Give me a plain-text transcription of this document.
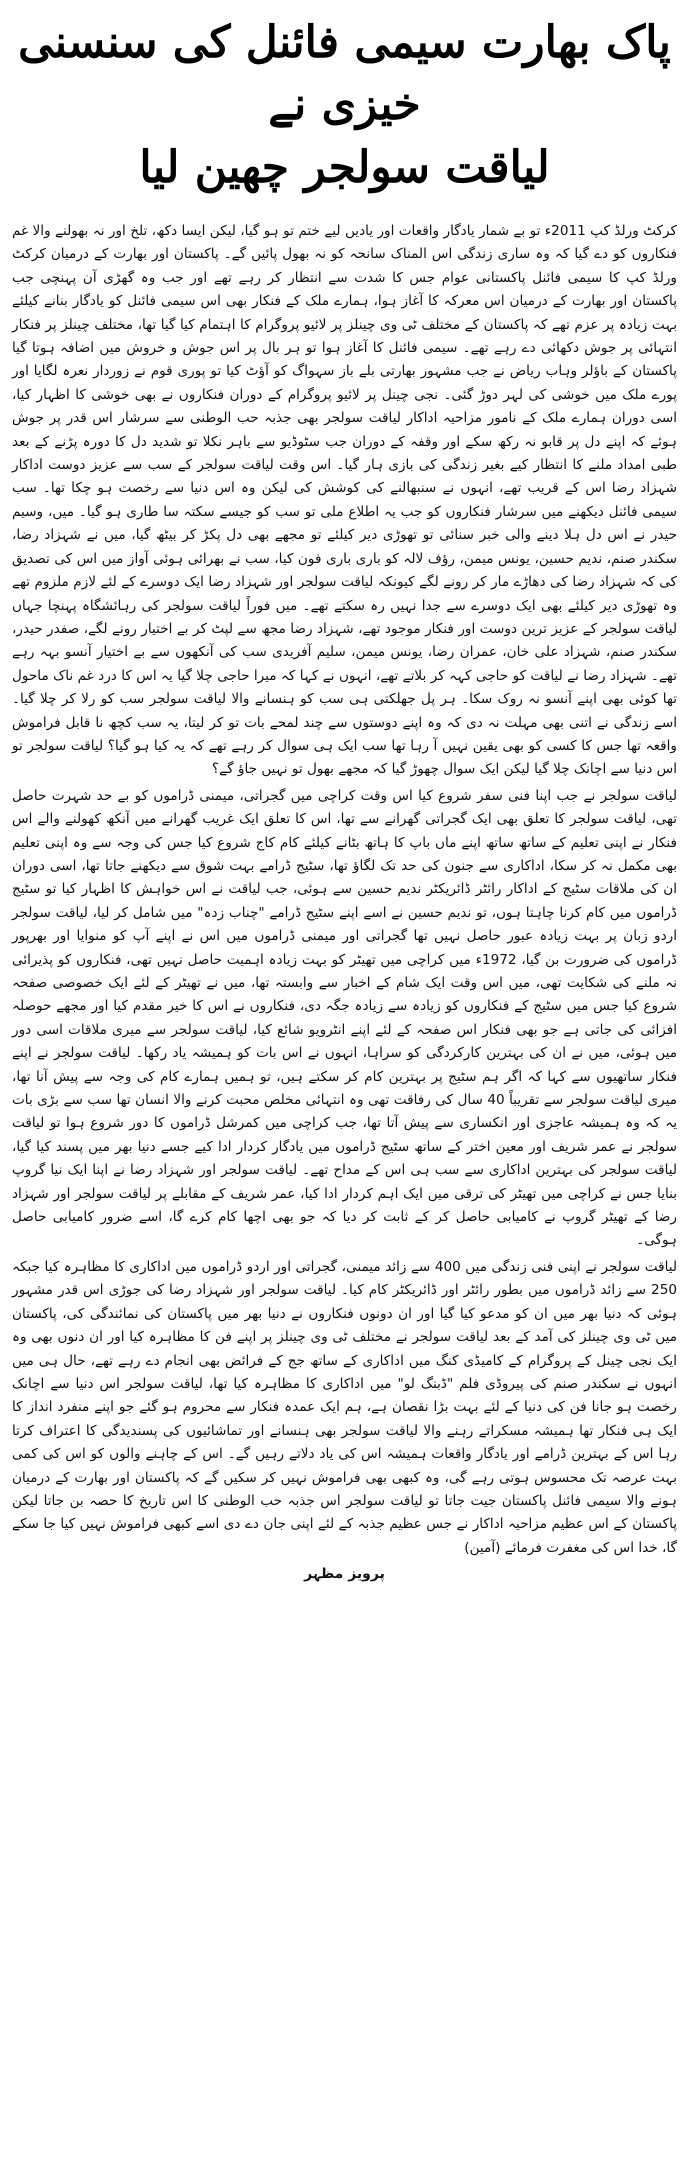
پاک بھارت سیمی فائنل کی سنسنی خیزی نے
لیاقت سولجر چھین لیا

کرکٹ ورلڈ کپ 2011ء تو بے شمار یادگار واقعات اور یادیں لیے ختم تو ہو گیا، لیکن ایسا دکھ، تلخ اور نہ بھولنے والا غم فنکاروں کو دے گیا کہ وہ ساری زندگی اس المناک سانحہ کو نہ بھول پائیں گے۔ پاکستان اور بھارت کے درمیان کرکٹ ورلڈ کپ کا سیمی فائنل پاکستانی عوام جس کا شدت سے انتظار کر رہے تھے اور جب وہ گھڑی آن پہنچی جب پاکستان اور بھارت کے درمیان اس معرکہ کا آغاز ہوا، ہمارے ملک کے فنکار بھی اس سیمی فائنل کو یادگار بنانے کیلئے بہت زیادہ پر عزم تھے کہ پاکستان کے مختلف ٹی وی چینلز پر لائیو پروگرام کا اہتمام کیا گیا تھا، مختلف چینلز پر فنکار انتہائی پر جوش دکھائی دے رہے تھے۔ سیمی فائنل کا آغاز ہوا تو ہر بال پر اس جوش و خروش میں اضافہ ہوتا گیا پاکستان کے باؤلر وہاب ریاض نے جب مشہور بھارتی بلے باز سہواگ کو آؤٹ کیا تو پوری قوم نے زوردار نعرہ لگایا اور پورے ملک میں خوشی کی لہر دوڑ گئی۔ نجی چینل پر لائیو پروگرام کے دوران فنکاروں نے بھی خوشی کا اظہار کیا، اسی دوران ہمارے ملک کے نامور مزاحیہ اداکار لیاقت سولجر بھی جذبہ حب الوطنی سے سرشار اس قدر پر جوش ہوئے کہ اپنے دل پر قابو نہ رکھ سکے اور وقفہ کے دوران جب سٹوڈیو سے باہر نکلا تو شدید دل کا دورہ پڑنے کے بعد طبی امداد ملنے کا انتظار کیے بغیر زندگی کی بازی ہار گیا۔ اس وقت لیاقت سولجر کے سب سے عزیز دوست اداکار شہزاد رضا اس کے قریب تھے، انہوں نے سنبھالنے کی کوشش کی لیکن وہ اس دنیا سے رخصت ہو چکا تھا۔ سب سیمی فائنل دیکھنے میں سرشار فنکاروں کو جب یہ اطلاع ملی تو سب کو جیسے سکتہ سا طاری ہو گیا۔ میں، وسیم حیدر نے اس دل ہلا دینے والی خبر سنائی تو تھوڑی دیر کیلئے تو مجھے بھی دل پکڑ کر بیٹھ گیا، میں نے شہزاد رضا، سکندر صنم، ندیم حسین، یونس میمن، رؤف لالہ کو باری باری فون کیا، سب نے بھرائی ہوئی آواز میں اس کی تصدیق کی کہ شہزاد رضا کی دھاڑے مار کر رونے لگے کیونکہ لیاقت سولجر اور شہزاد رضا ایک دوسرے کے لئے لازم ملزوم تھے وہ تھوڑی دیر کیلئے بھی ایک دوسرے سے جدا نہیں رہ سکتے تھے۔ میں فوراً لیاقت سولجر کی رہائشگاہ پہنچا جہاں لیاقت سولجر کے عزیز ترین دوست اور فنکار موجود تھے، شہزاد رضا مجھ سے لپٹ کر بے اختیار رونے لگے، صفدر حیدر، سکندر صنم، شہزاد علی خان، عمران رضا، یونس میمن، سلیم آفریدی سب کی آنکھوں سے بے اختیار آنسو بہہ رہے تھے۔ شہزاد رضا نے لیاقت کو حاجی کہہ کر بلاتے تھے، انہوں نے کہا کہ میرا حاجی چلا گیا یہ اس کا درد غم ناک ماحول تھا کوئی بھی اپنے آنسو نہ روک سکا۔ ہر پل جھلکتی ہی سب کو ہنسانے والا لیاقت سولجر سب کو رلا کر چلا گیا۔ اسے زندگی نے اتنی بھی مہلت نہ دی کہ وہ اپنے دوستوں سے چند لمحے بات تو کر لیتا، یہ سب کچھ نا قابل فراموش واقعہ تھا جس کا کسی کو بھی یقین نہیں آ رہا تھا سب ایک ہی سوال کر رہے تھے کہ یہ کیا ہو گیا؟ لیاقت سولجر تو اس دنیا سے اچانک چلا گیا لیکن ایک سوال چھوڑ گیا کہ مجھے بھول تو نہیں جاؤ گے؟

لیاقت سولجر نے جب اپنا فنی سفر شروع کیا اس وقت کراچی میں گجراتی، میمنی ڈراموں کو بے حد شہرت حاصل تھی، لیاقت سولجر کا تعلق بھی ایک گجراتی گھرانے سے تھا، اس کا تعلق ایک غریب گھرانے میں آنکھ کھولنے والے اس فنکار نے اپنی تعلیم کے ساتھ ساتھ اپنے ماں باپ کا ہاتھ بٹانے کیلئے کام کاج شروع کیا جس کی وجہ سے وہ اپنی تعلیم بھی مکمل نہ کر سکا، اداکاری سے جنون کی حد تک لگاؤ تھا، سٹیج ڈرامے بہت شوق سے دیکھنے جاتا تھا، اسی دوران ان کی ملاقات سٹیج کے اداکار رائٹر ڈائریکٹر ندیم حسین سے ہوئی، جب لیاقت نے اس خواہش کا اظہار کیا تو سٹیج ڈراموں میں کام کرنا چاہتا ہوں، تو ندیم حسین نے اسے اپنے سٹیج ڈرامے "چناب زدہ" میں شامل کر لیا، لیاقت سولجر اردو زبان پر بہت زیادہ عبور حاصل نہیں تھا گجراتی اور میمنی ڈراموں میں اس نے اپنے آپ کو منوایا اور بھرپور ڈراموں کی ضرورت بن گیا، 1972ء میں کراچی میں تھیٹر کو بہت زیادہ اہمیت حاصل نہیں تھی، فنکاروں کو پذیرائی نہ ملنے کی شکایت تھی، میں اس وقت ایک شام کے اخبار سے وابستہ تھا، میں نے تھیٹر کے لئے ایک خصوصی صفحہ شروع کیا جس میں سٹیج کے فنکاروں کو زیادہ سے زیادہ جگہ دی، فنکاروں نے اس کا خیر مقدم کیا اور مجھے حوصلہ افزائی کی جاتی ہے جو بھی فنکار اس صفحہ کے لئے اپنے انٹرویو شائع کیا، لیاقت سولجر سے میری ملاقات اسی دور میں ہوئی، میں نے ان کی بہترین کارکردگی کو سراہا، انہوں نے اس بات کو ہمیشہ یاد رکھا۔ لیاقت سولجر نے اپنے فنکار ساتھیوں سے کہا کہ اگر ہم سٹیج پر بہترین کام کر سکتے ہیں، تو ہمیں ہمارے کام کی وجہ سے پیش آنا تھا، میری لیاقت سولجر سے تقریباً 40 سال کی رفاقت تھی وہ انتہائی مخلص محبت کرنے والا انسان تھا سب سے بڑی بات یہ کہ وہ ہمیشہ عاجزی اور انکساری سے پیش آتا تھا، جب کراچی میں کمرشل ڈراموں کا دور شروع ہوا تو لیاقت سولجر نے عمر شریف اور معین اختر کے ساتھ سٹیج ڈراموں میں یادگار کردار ادا کیے جسے دنیا بھر میں پسند کیا گیا، لیاقت سولجر کی بہترین اداکاری سے سب ہی اس کے مداح تھے۔ لیاقت سولجر اور شہزاد رضا نے اپنا ایک نیا گروپ بنایا جس نے کراچی میں تھیٹر کی ترقی میں ایک اہم کردار ادا کیا، عمر شریف کے مقابلے پر لیاقت سولجر اور شہزاد رضا کے تھیٹر گروپ نے کامیابی حاصل کر کے ثابت کر دیا کہ جو بھی اچھا کام کرے گا، اسے ضرور کامیابی حاصل ہوگی۔

لیاقت سولجر نے اپنی فنی زندگی میں 400 سے زائد میمنی، گجراتی اور اردو ڈراموں میں اداکاری کا مظاہرہ کیا جبکہ 250 سے زائد ڈراموں میں بطور رائٹر اور ڈائریکٹر کام کیا۔ لیاقت سولجر اور شہزاد رضا کی جوڑی اس قدر مشہور ہوئی کہ دنیا بھر میں ان کو مدعو کیا گیا اور ان دونوں فنکاروں نے دنیا بھر میں پاکستان کی نمائندگی کی، پاکستان میں ٹی وی چینلز کی آمد کے بعد لیاقت سولجر نے مختلف ٹی وی چینلز پر اپنے فن کا مظاہرہ کیا اور ان دنوں بھی وہ ایک نجی چینل کے پروگرام کے کامیڈی کنگ میں اداکاری کے ساتھ جج کے فرائض بھی انجام دے رہے تھے، حال ہی میں انہوں نے سکندر صنم کی پیروڈی فلم "ڈبنگ لو" میں اداکاری کا مظاہرہ کیا تھا، لیاقت سولجر اس دنیا سے اچانک رخصت ہو جانا فن کی دنیا کے لئے بہت بڑا نقصان ہے، ہم ایک عمدہ فنکار سے محروم ہو گئے جو اپنے منفرد انداز کا ایک ہی فنکار تھا ہمیشہ مسکراتے رہنے والا لیاقت سولجر بھی ہنسانے اور تماشائیوں کی پسندیدگی کا اعتراف کرتا رہا اس کے بہترین ڈرامے اور یادگار واقعات ہمیشہ اس کی یاد دلاتے رہیں گے۔ اس کے چاہنے والوں کو اس کی کمی بہت عرصہ تک محسوس ہوتی رہے گی، وہ کبھی بھی فراموش نہیں کر سکیں گے کہ پاکستان اور بھارت کے درمیان ہونے والا سیمی فائنل پاکستان جیت جاتا تو لیاقت سولجر اس جذبہ حب الوطنی کا اس تاریخ کا حصہ بن جاتا لیکن پاکستان کے اس عظیم مزاحیہ اداکار نے جس عظیم جذبہ کے لئے اپنی جان دے دی اسے کبھی فراموش نہیں کیا جا سکے گا، خدا اس کی مغفرت فرمائے (آمین)

پرویز مظہر
